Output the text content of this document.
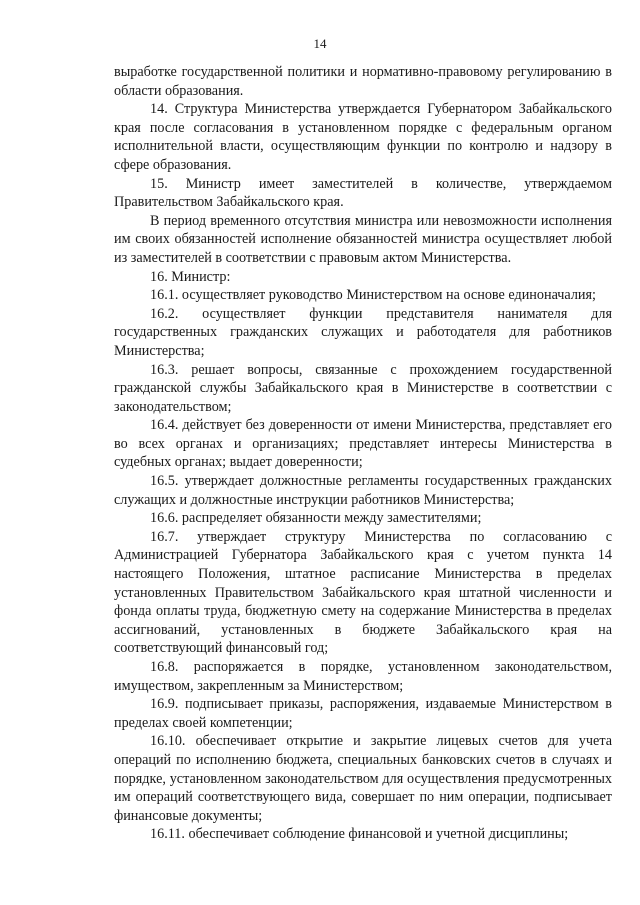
14

выработке государственной политики и нормативно-правовому регулированию в области образования.

14. Структура Министерства утверждается Губернатором Забайкальского края после согласования в установленном порядке с федеральным органом исполнительной власти, осуществляющим функции по контролю и надзору в сфере образования.

15. Министр имеет заместителей в количестве, утверждаемом Правительством Забайкальского края.

В период временного отсутствия министра или невозможности исполнения им своих обязанностей исполнение обязанностей министра осуществляет любой из заместителей в соответствии с правовым актом Министерства.

16. Министр:

16.1. осуществляет руководство Министерством на основе единоначалия;

16.2. осуществляет функции представителя нанимателя для государственных гражданских служащих и работодателя для работников Министерства;

16.3. решает вопросы, связанные с прохождением государственной гражданской службы Забайкальского края в Министерстве в соответствии с законодательством;

16.4. действует без доверенности от имени Министерства, представляет его во всех органах и организациях; представляет интересы Министерства в судебных органах; выдает доверенности;

16.5. утверждает должностные регламенты государственных гражданских служащих и должностные инструкции работников Министерства;

16.6. распределяет обязанности между заместителями;

16.7. утверждает структуру Министерства по согласованию с Администрацией Губернатора Забайкальского края с учетом пункта 14 настоящего Положения, штатное расписание Министерства в пределах установленных Правительством Забайкальского края штатной численности и фонда оплаты труда, бюджетную смету на содержание Министерства в пределах ассигнований, установленных в бюджете Забайкальского края на соответствующий финансовый год;

16.8. распоряжается в порядке, установленном законодательством, имуществом, закрепленным за Министерством;

16.9. подписывает приказы, распоряжения, издаваемые Министерством в пределах своей компетенции;

16.10. обеспечивает открытие и закрытие лицевых счетов для учета операций по исполнению бюджета, специальных банковских счетов в случаях и порядке, установленном законодательством для осуществления предусмотренных им операций соответствующего вида, совершает по ним операции, подписывает финансовые документы;

16.11. обеспечивает соблюдение финансовой и учетной дисциплины;
